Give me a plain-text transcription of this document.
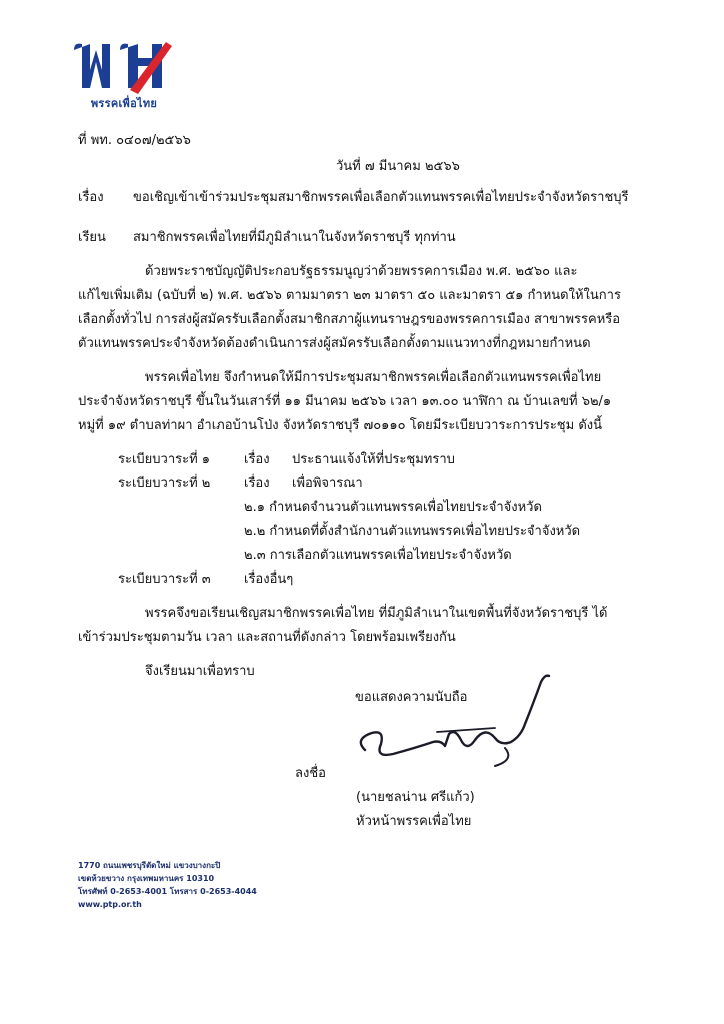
พรรคเพื่อไทย
ที่ พท. ๐๔๐๗/๒๕๖๖
วันที่ ๗ มีนาคม ๒๕๖๖
เรื่อง ขอเชิญเข้าเข้าร่วมประชุมสมาชิกพรรคเพื่อเลือกตัวแทนพรรคเพื่อไทยประจำจังหวัดราชบุรี
เรียน สมาชิกพรรคเพื่อไทยที่มีภูมิลำเนาในจังหวัดราชบุรี ทุกท่าน
ด้วยพระราชบัญญัติประกอบรัฐธรรมนูญว่าด้วยพรรคการเมือง พ.ศ. ๒๕๖๐ และ
แก้ไขเพิ่มเติม (ฉบับที่ ๒) พ.ศ. ๒๕๖๖ ตามมาตรา ๒๓ มาตรา ๕๐ และมาตรา ๕๑ กำหนดให้ในการ
เลือกตั้งทั่วไป การส่งผู้สมัครรับเลือกตั้งสมาชิกสภาผู้แทนราษฎรของพรรคการเมือง สาขาพรรคหรือ
ตัวแทนพรรคประจำจังหวัดต้องดำเนินการส่งผู้สมัครรับเลือกตั้งตามแนวทางที่กฎหมายกำหนด
พรรคเพื่อไทย จึงกำหนดให้มีการประชุมสมาชิกพรรคเพื่อเลือกตัวแทนพรรคเพื่อไทย
ประจำจังหวัดราชบุรี ขึ้นในวันเสาร์ที่ ๑๑ มีนาคม ๒๕๖๖ เวลา ๑๓.๐๐ นาฬิกา ณ บ้านเลขที่ ๖๒/๑
หมู่ที่ ๑๙ ตำบลท่าผา อำเภอบ้านโป่ง จังหวัดราชบุรี ๗๐๑๑๐ โดยมีระเบียบวาระการประชุม ดังนี้
ระเบียบวาระที่ ๑	เรื่อง ประธานแจ้งให้ที่ประชุมทราบ
ระเบียบวาระที่ ๒	เรื่อง เพื่อพิจารณา
๒.๑ กำหนดจำนวนตัวแทนพรรคเพื่อไทยประจำจังหวัด
๒.๒ กำหนดที่ตั้งสำนักงานตัวแทนพรรคเพื่อไทยประจำจังหวัด
๒.๓ การเลือกตัวแทนพรรคเพื่อไทยประจำจังหวัด
ระเบียบวาระที่ ๓	เรื่องอื่นๆ
พรรคจึงขอเรียนเชิญสมาชิกพรรคเพื่อไทย ที่มีภูมิลำเนาในเขตพื้นที่จังหวัดราชบุรี ได้
เข้าร่วมประชุมตามวัน เวลา และสถานที่ดังกล่าว โดยพร้อมเพรียงกัน
จึงเรียนมาเพื่อทราบ
ขอแสดงความนับถือ
ลงชื่อ
(นายชลน่าน ศรีแก้ว)
หัวหน้าพรรคเพื่อไทย
1770 ถนนเพชรบุรีตัดใหม่ แขวงบางกะปิ
เขตห้วยขวาง กรุงเทพมหานคร 10310
โทรศัพท์ 0-2653-4001 โทรสาร 0-2653-4044
www.ptp.or.th
